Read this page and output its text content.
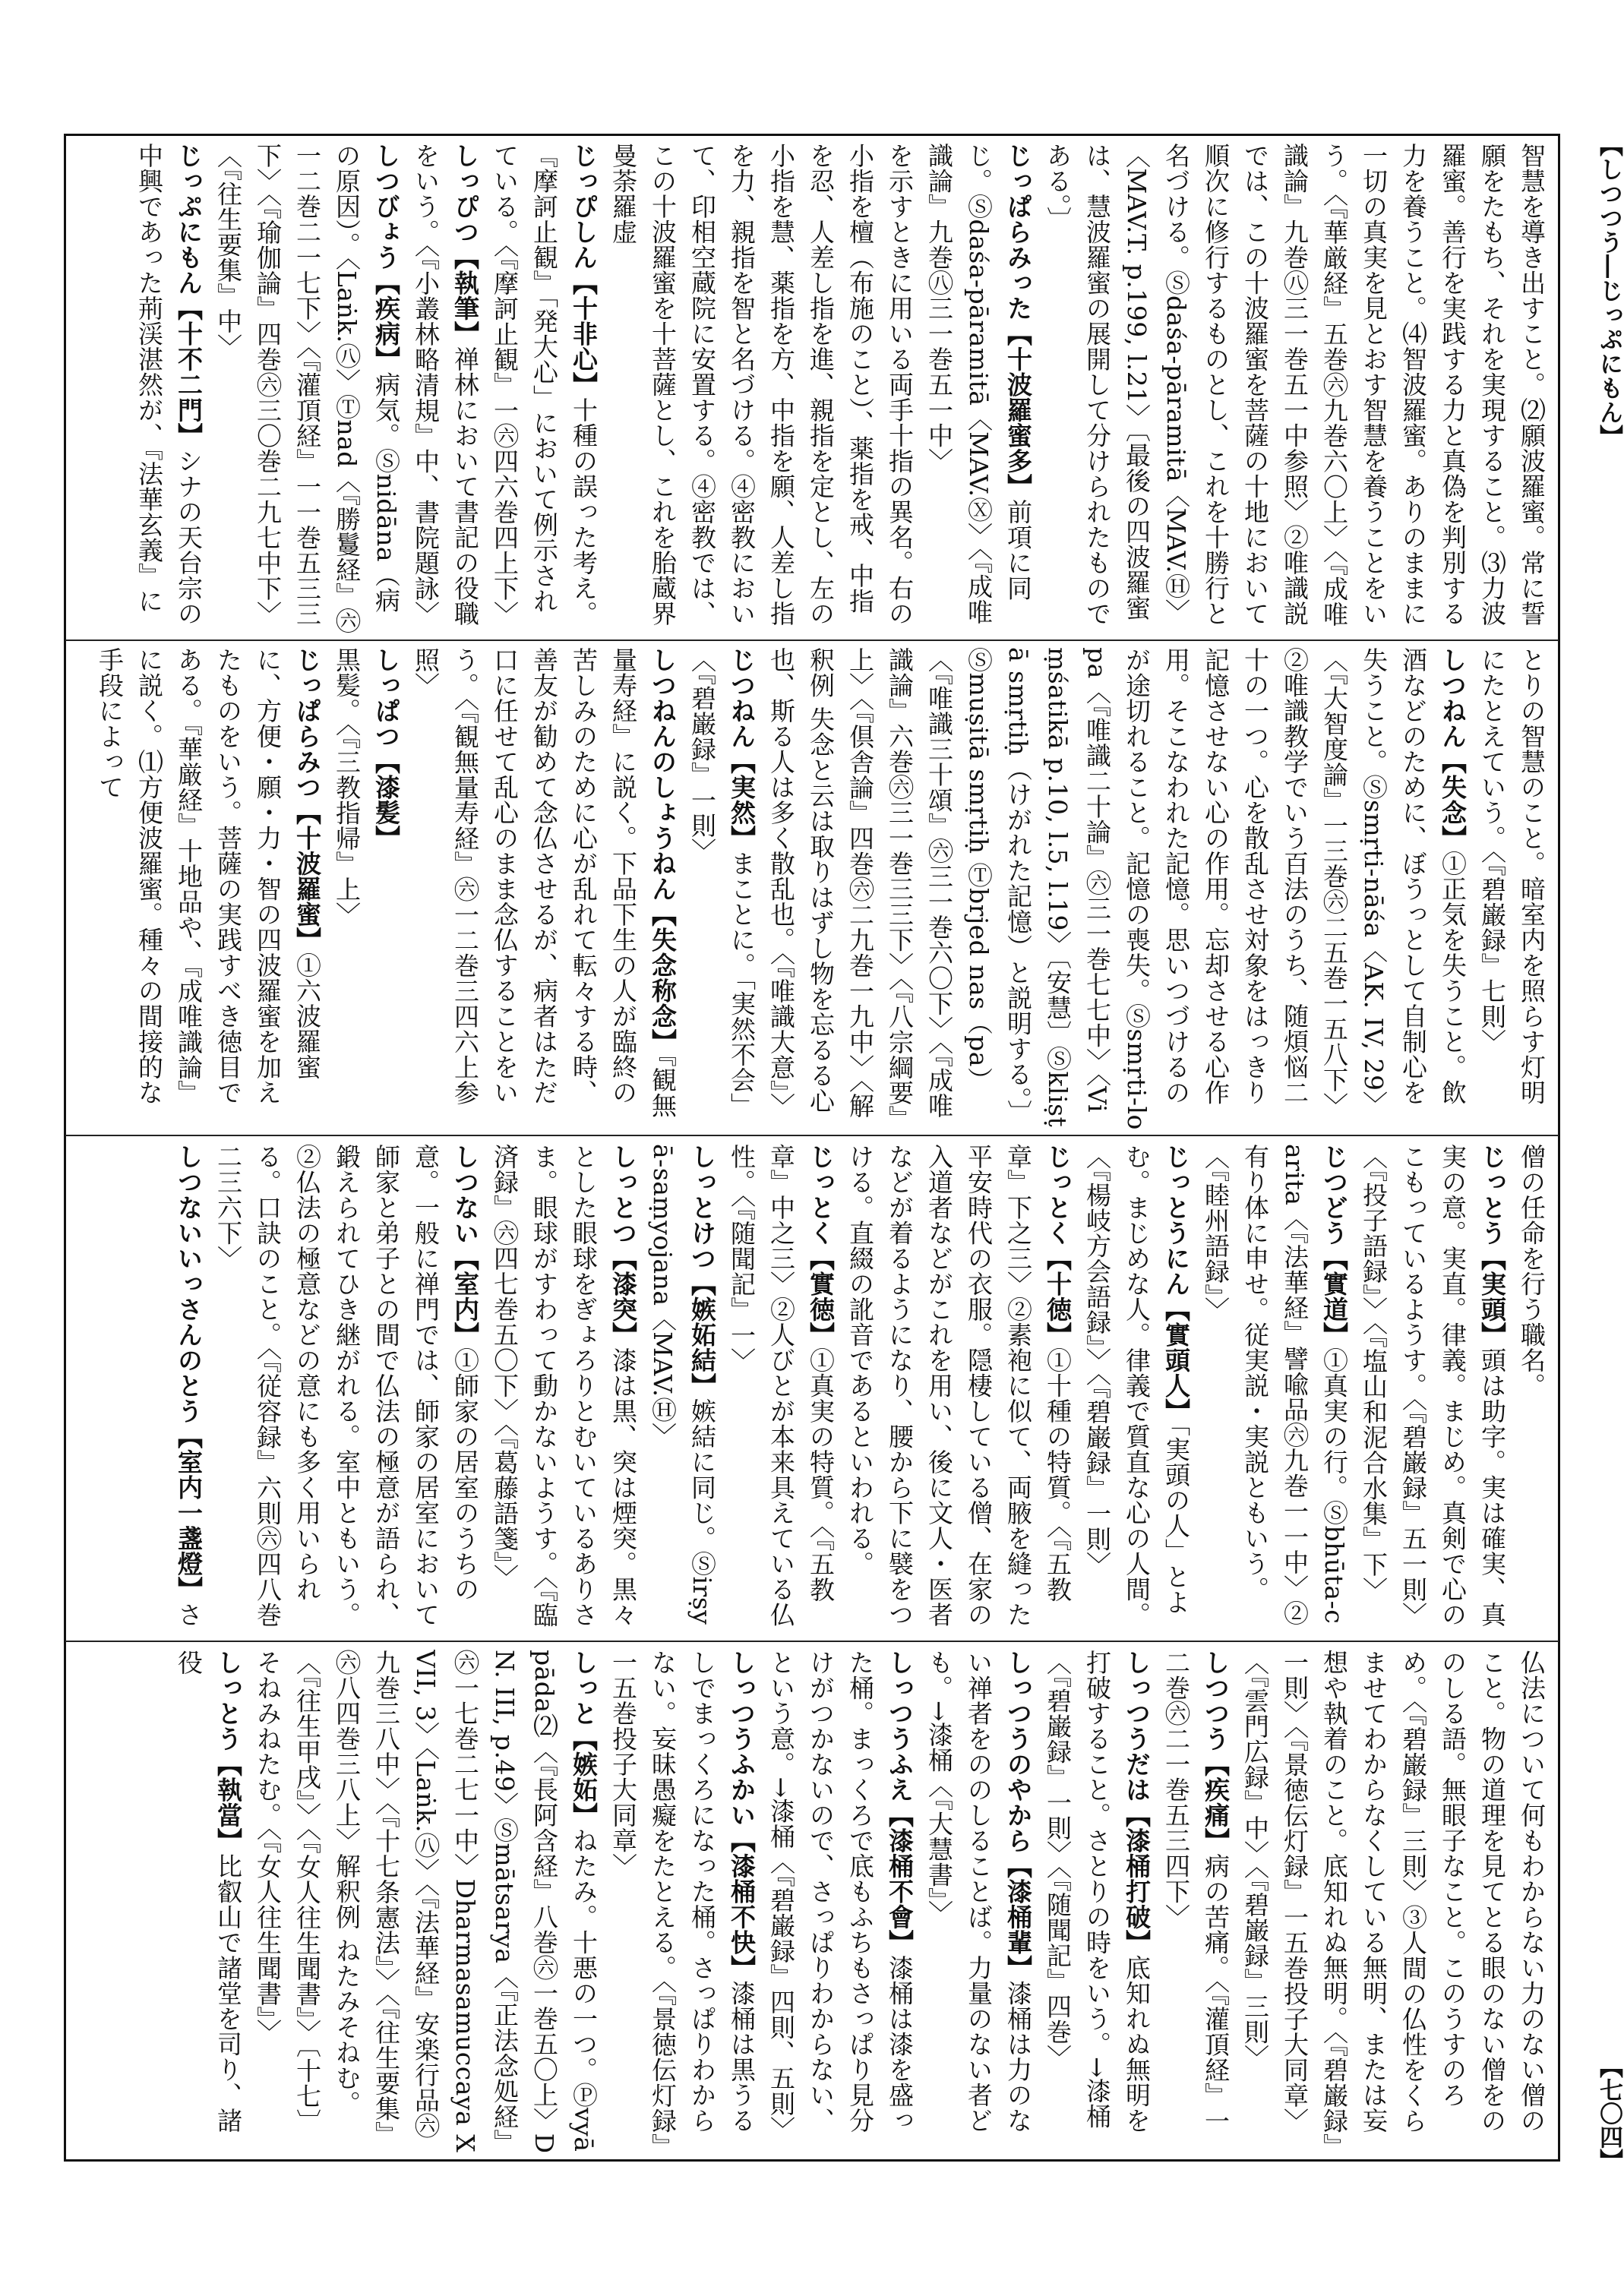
【しつつう―じっぷにもん】
【七〇四】

智慧を導き出すこと。⑵願波羅蜜。常に誓願をたもち、それを実現すること。⑶力波羅蜜。善行を実践する力と真偽を判別する力を養うこと。⑷智波羅蜜。ありのままに一切の真実を見とおす智慧を養うことをいう。〈『華厳経』五巻㊅九巻六〇上〉〈『成唯識論』九巻㊇三一巻五一中参照〉②唯識説では、この十波羅蜜を菩薩の十地において順次に修行するものとし、これを十勝行と名づける。Ⓢdaśa-pāramitā〈MAV.Ⓗ〉〈MAV.T. p.199, l.21〉〔最後の四波羅蜜は、慧波羅蜜の展開して分けられたものである。〕

じっぱらみった【十波羅蜜多】前項に同じ。Ⓢdaśa-pāramitā〈MAV.Ⓧ〉〈『成唯識論』九巻㊇三一巻五一中〉

を示すときに用いる両手十指の異名。右の小指を檀（布施のこと）、薬指を戒、中指を忍、人差し指を進、親指を定とし、左の小指を慧、薬指を方、中指を願、人差し指を力、親指を智と名づける。④密教において、印相空蔵院に安置する。④密教では、この十波羅蜜を十菩薩とし、これを胎蔵界曼荼羅虚

じっぴしん【十非心】十種の誤った考え。『摩訶止観』「発大心」において例示されている。〈『摩訶止観』一㊅四六巻四上下〉

しっぴつ【執筆】禅林において書記の役職をいう。〈『小叢林略清規』中、書院題詠〉

しつびょう【疾病】病気。Ⓢnidāna（病の原因）。〈Laṅk.㊇〉Ⓣnad〈『勝鬘経』㊅一二巻二一七下〉〈『灌頂経』一一巻五三三下〉〈『瑜伽論』四巻㊅三〇巻二九七中下〉〈『往生要集』中〉

じっぷにもん【十不二門】シナの天台宗の中興であった荊渓湛然が、『法華玄義』に

とりの智慧のこと。暗室内を照らす灯明にたとえていう。〈『碧巌録』七則〉

しつねん【失念】①正気を失うこと。飲酒などのために、ぼうっとして自制心を失うこと。Ⓢsmṛti-nāśa〈AK. IV, 29〉〈『大智度論』一三巻㊅二五巻一五八下〉②唯識教学でいう百法のうち、随煩悩二十の一つ。心を散乱させ対象をはっきり記憶させない心の作用。忘却させる心作用。そこなわれた記憶。思いつづけるのが途切れること。記憶の喪失。Ⓢsmṛti-lopa〈『唯識二十論』㊅三一巻七七中〉〈Viṃśatikā p.10, l.5, l.19〉〔安慧〕Ⓢkliṣṭā smṛtiḥ（けがれた記憶）と説明する。〕Ⓢmuṣitā smṛtiḥ Ⓣbrjed nas（pa）〈『唯識三十頌』㊅三一巻六〇下〉〈『成唯識論』六巻㊅三一巻三三下〉〈『八宗綱要』上〉〈『倶舎論』四巻㊅二九巻一九中〉〈解釈例 失念と云は取りはずし物を忘るる心也、斯る人は多く散乱也。〈『唯識大意』〉

じつねん【実然】まことに。「実然不会」〈『碧巌録』一則〉

しつねんのしょうねん【失念称念】『観無量寿経』に説く。下品下生の人が臨終の苦しみのために心が乱れて転々する時、善友が勧めて念仏させるが、病者はただ口に任せて乱心のまま念仏することをいう。〈『観無量寿経』㊅一二巻三四六上参照〉

しっぱつ【漆髪】黒髪。〈『三教指帰』上〉

じっぱらみつ【十波羅蜜】①六波羅蜜に、方便・願・力・智の四波羅蜜を加えたものをいう。菩薩の実践すべき徳目である。『華厳経』十地品や、『成唯識論』に説く。⑴方便波羅蜜。種々の間接的な手段によって

僧の任命を行う職名。

じっとう【実頭】頭は助字。実は確実、真実の意。実直。律義。まじめ。真剣で心のこもっているようす。〈『碧巌録』五一則〉〈『投子語録』〉〈『塩山和泥合水集』下〉

じつどう【實道】①真実の行。Ⓢbhūta-caritа〈『法華経』譬喩品㊅九巻一一中〉②有り体に申せ。従実説・実説ともいう。〈『睦州語録』〉

じっとうにん【實頭人】「実頭の人」とよむ。まじめな人。律義で質直な心の人間。〈『楊岐方会語録』〉〈『碧巌録』一則〉

じっとく【十徳】①十種の特質。〈『五教章』下之三〉②素袍に似て、両腋を縫った平安時代の衣服。隠棲している僧、在家の入道者などがこれを用い、後に文人・医者などが着るようになり、腰から下に襞をつける。直綴の訛音であるといわれる。

じっとく【實徳】①真実の特質。〈『五教章』中之三〉②人びとが本来具えている仏性。〈『随聞記』一〉

しっとけつ【嫉妬結】嫉結に同じ。Ⓢirṣyā-saṃyojana〈MAV.Ⓗ〉

しっとつ【漆突】漆は黒、突は煙突。黒々とした眼球をぎょろりとむいているありさま。眼球がすわって動かないようす。〈『臨済録』㊅四七巻五〇下〉〈『葛藤語箋』〉

しつない【室内】①師家の居室のうちの意。一般に禅門では、師家の居室において師家と弟子との間で仏法の極意が語られ、鍛えられてひき継がれる。室中ともいう。②仏法の極意などの意にも多く用いられる。口訣のこと。〈『従容録』六則㊅四八巻二三六下〉

しつないいっさんのとう【室内一盞燈】さ

仏法について何もわからない力のない僧のこと。物の道理を見てとる眼のない僧をののしる語。無眼子なこと。このうすのろめ。〈『碧巌録』三則〉③人間の仏性をくらませてわからなくしている無明、または妄想や執着のこと。底知れぬ無明。〈『碧巌録』一則〉〈『景徳伝灯録』一五巻投子大同章〉〈『雲門広録』中〉〈『碧巌録』三則〉

しつつう【疾痛】病の苦痛。〈『灌頂経』一二巻㊅二一巻五三四下〉

しっつうだは【漆桶打破】底知れぬ無明を打破すること。さとりの時をいう。→漆桶〈『碧巌録』一則〉〈『随聞記』四巻〉

しっつうのやから【漆桶輩】漆桶は力のない禅者をののしることば。力量のない者ども。→漆桶〈『大慧書』〉

しっつうふえ【漆桶不會】漆桶は漆を盛った桶。まっくろで底もふちもさっぱり見分けがつかないので、さっぱりわからない、という意。→漆桶〈『碧巌録』四則、五則〉

しっつうふかい【漆桶不快】漆桶は黒うるしでまっくろになった桶。さっぱりわからない。妄昧愚癡をたとえる。〈『景徳伝灯録』一五巻投子大同章〉

しっと【嫉妬】ねたみ。十悪の一つ。Ⓟvyāpāda⑵〈『長阿含経』八巻㊅一巻五〇上〉DN. III, p.49〉Ⓢmātsarya〈『正法念処経』㊅一七巻二七一中〉Dharmasamuccaya XVII, 3〉〈Laṅk.㊇〉〈『法華経』安楽行品㊅九巻三八中〉〈『十七条憲法』〉〈『往生要集』㊅八四巻三八上〉解釈例 ねたみそねむ。〈『往生甲戌』〉〈『女人往生聞書』〉〔十七〕そねみねたむ。〈『女人往生聞書』〉

しっとう【執當】比叡山で諸堂を司り、諸役
